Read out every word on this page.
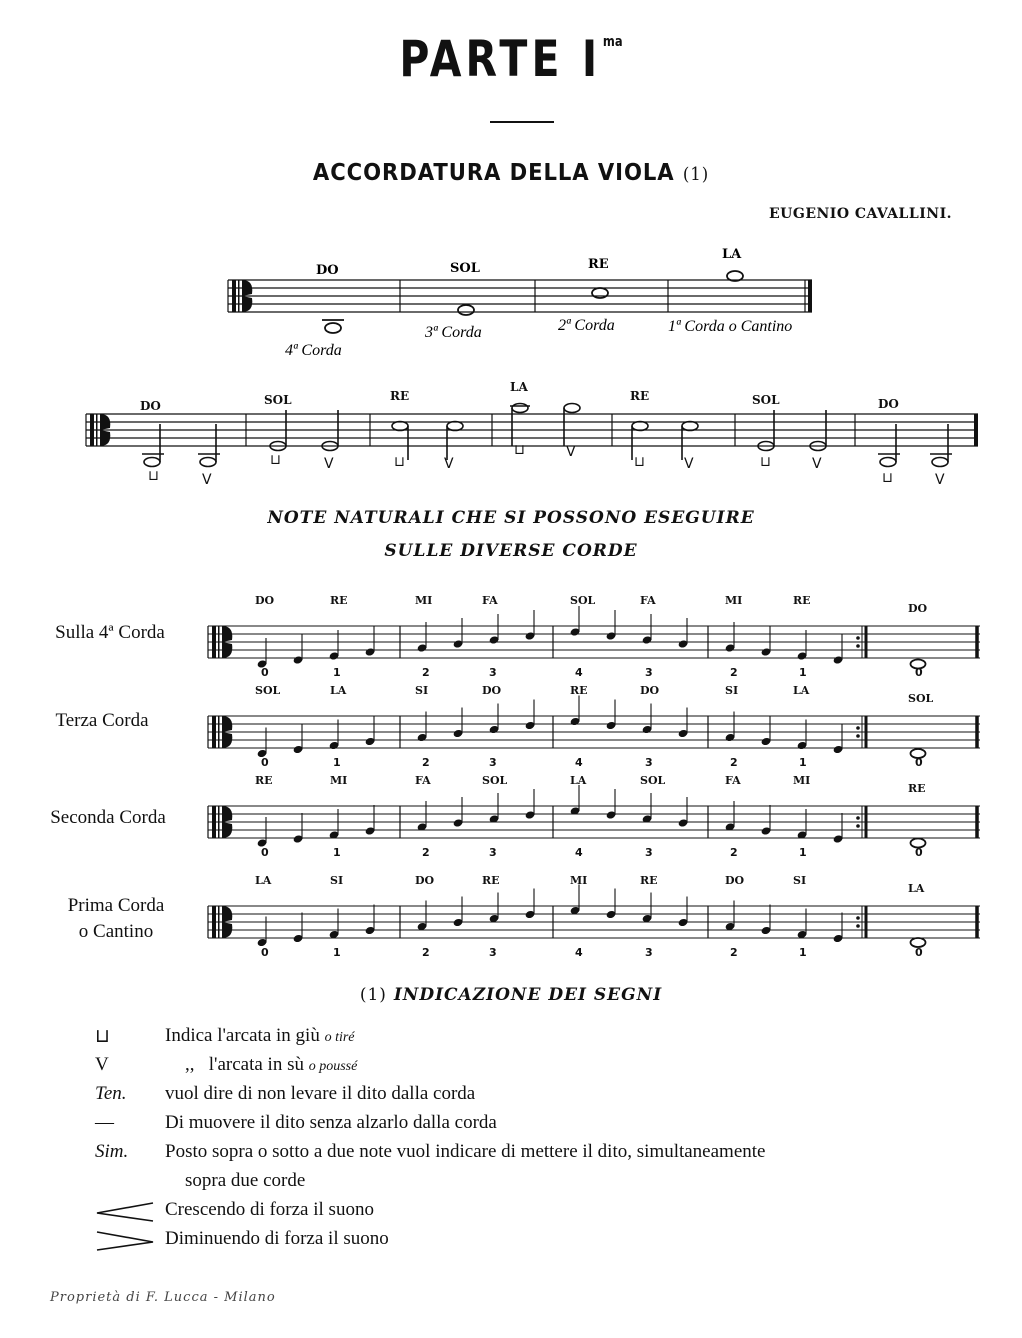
PARTE I $^{ma}$
ACCORDATURA DELLA VIOLA (1)
EUGENIO CAVALLINI.
DO	SOL	RE
LA
4ª Corda
3ª Corda	2ª Corda	1ª Corda o Cantino
⊔	V
⊔	V	⊔	V
⊔	V
⊔	V	⊔	V
⊔	V
DO	SOL	RE
LA
RE	SOL	DO
NOTE NATURALI CHE SI POSSONO ESEGUIRE
SULLE DIVERSE CORDE
Sulla 4ª Corda
Terza Corda
Seconda Corda
Prima Corda
o Cantino
DO	RE	MI	FA	SOL	FA	MI	RE
DO
0	1	2	3	4	3	2	1	0
SOL	LA	SI	DO	RE	DO	SI	LA
SOL
0	1	2	3	4	3	2	1	0
RE	MI	FA	SOL	LA	SOL	FA	MI
RE
0	1	2	3	4	3	2	1	0
LA	SI	DO	RE	MI	RE	DO	SI
LA
0	1	2	3	4	3	2	1	0
(1) INDICAZIONE DEI SEGNI
⊔	Indica l'arcata in giù o tiré
V	,,   l'arcata in sù o poussé
Ten.	vuol dire di non levare il dito dalla corda
—	Di muovere il dito senza alzarlo dalla corda
Sim.	Posto sopra o sotto a due note vuol indicare di mettere il dito, simultaneamente
sopra due corde
Crescendo di forza il suono
Diminuendo di forza il suono
Proprietà di F. Lucca - Milano
